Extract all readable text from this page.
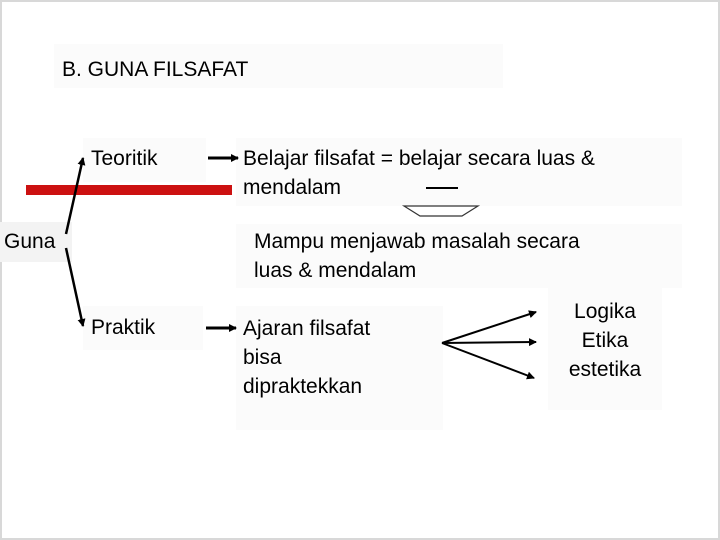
B. GUNA FILSAFAT
Guna
Teoritik	Belajar filsafat = belajar secara luas &
mendalam
Mampu menjawab masalah secara
luas & mendalam
Praktik	Ajaran filsafat
bisa
dipraktekkan
Logika
Etika
estetika
